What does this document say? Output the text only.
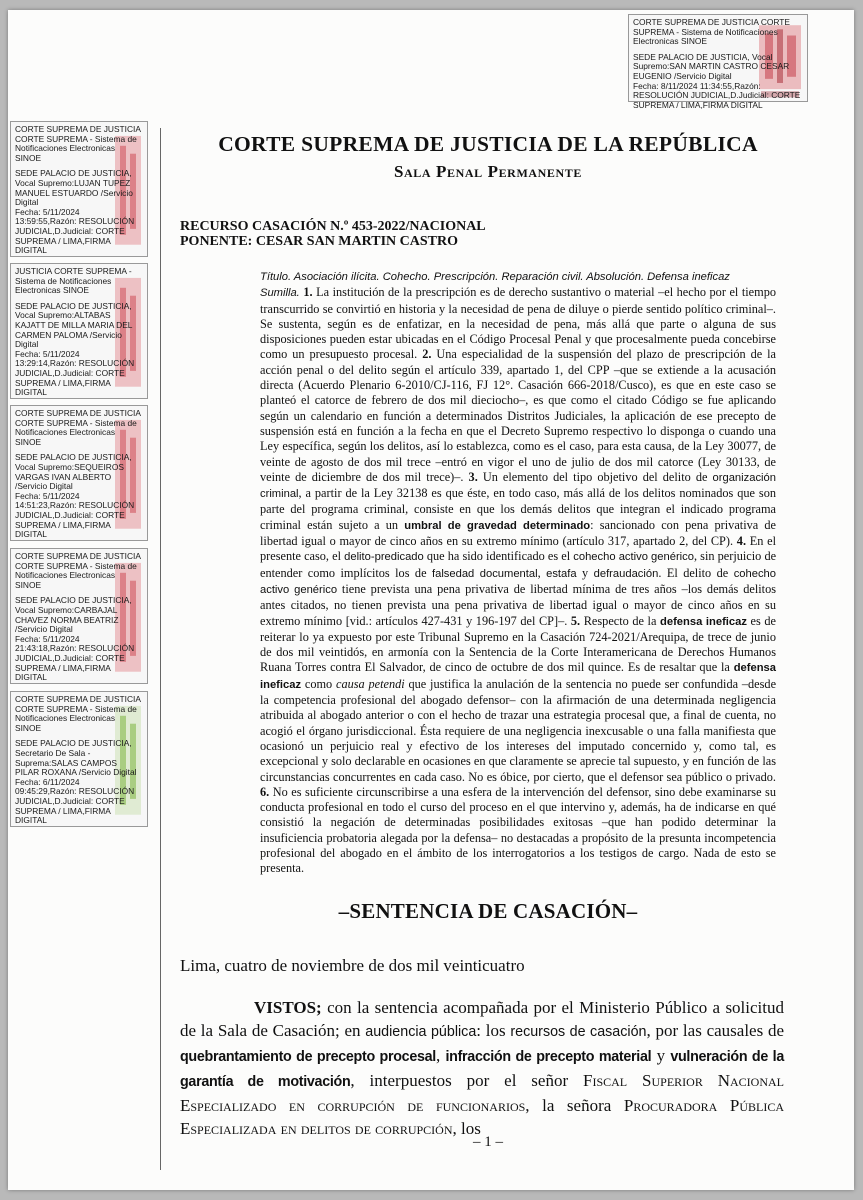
CORTE SUPREMA DE JUSTICIA CORTE SUPREMA - Sistema de Notificaciones Electronicas SINOE

SEDE PALACIO DE JUSTICIA, Vocal Supremo:SAN MARTIN CASTRO CESAR EUGENIO /Servicio Digital

Fecha: 8/11/2024 11:34:55,Razón: RESOLUCIÓN JUDICIAL,D.Judicial: CORTE SUPREMA / LIMA,FIRMA DIGITAL

CORTE SUPREMA DE JUSTICIA CORTE SUPREMA - Sistema de Notificaciones Electronicas SINOE

SEDE PALACIO DE JUSTICIA, Vocal Supremo:LUJAN TUPEZ MANUEL ESTUARDO /Servicio Digital

Fecha: 5/11/2024 13:59:55,Razón: RESOLUCIÓN JUDICIAL,D.Judicial: CORTE SUPREMA / LIMA,FIRMA DIGITAL

JUSTICIA CORTE SUPREMA - Sistema de Notificaciones Electronicas SINOE

SEDE PALACIO DE JUSTICIA, Vocal Supremo:ALTABAS KAJATT DE MILLA MARIA DEL CARMEN PALOMA /Servicio Digital

Fecha: 5/11/2024 13:29:14,Razón: RESOLUCIÓN JUDICIAL,D.Judicial: CORTE SUPREMA / LIMA,FIRMA DIGITAL

CORTE SUPREMA DE JUSTICIA CORTE SUPREMA - Sistema de Notificaciones Electronicas SINOE

SEDE PALACIO DE JUSTICIA, Vocal Supremo:SEQUEIROS VARGAS IVAN ALBERTO /Servicio Digital

Fecha: 5/11/2024 14:51:23,Razón: RESOLUCIÓN JUDICIAL,D.Judicial: CORTE SUPREMA / LIMA,FIRMA DIGITAL

CORTE SUPREMA DE JUSTICIA CORTE SUPREMA - Sistema de Notificaciones Electronicas SINOE

SEDE PALACIO DE JUSTICIA, Vocal Supremo:CARBAJAL CHAVEZ NORMA BEATRIZ /Servicio Digital

Fecha: 5/11/2024 21:43:18,Razón: RESOLUCIÓN JUDICIAL,D.Judicial: CORTE SUPREMA / LIMA,FIRMA DIGITAL

CORTE SUPREMA DE JUSTICIA CORTE SUPREMA - Sistema de Notificaciones Electronicas SINOE

SEDE PALACIO DE JUSTICIA, Secretario De Sala - Suprema:SALAS CAMPOS PILAR ROXANA /Servicio Digital

Fecha: 6/11/2024 09:45:29,Razón: RESOLUCIÓN JUDICIAL,D.Judicial: CORTE SUPREMA / LIMA,FIRMA DIGITAL

CORTE SUPREMA DE JUSTICIA DE LA REPÚBLICA
Sala Penal Permanente
RECURSO CASACIÓN N.º 453-2022/NACIONAL
PONENTE: CESAR SAN MARTIN CASTRO

Título. Asociación ilícita. Cohecho. Prescripción. Reparación civil. Absolución. Defensa ineficaz

Sumilla. 1. La institución de la prescripción es de derecho sustantivo o material –el hecho por el tiempo transcurrido se convirtió en historia y la necesidad de pena de diluye o pierde sentido político criminal–. Se sustenta, según es de enfatizar, en la necesidad de pena, más allá que parte o alguna de sus disposiciones pueden estar ubicadas en el Código Procesal Penal y que procesalmente pueda concebirse como un presupuesto procesal. 2. Una especialidad de la suspensión del plazo de prescripción de la acción penal o del delito según el artículo 339, apartado 1, del CPP –que se extiende a la acusación directa (Acuerdo Plenario 6-2010/CJ-116, FJ 12°. Casación 666-2018/Cusco), es que en este caso se planteó el catorce de febrero de dos mil dieciocho–, es que como el citado Código se fue aplicando según un calendario en función a determinados Distritos Judiciales, la aplicación de ese precepto de suspensión está en función a la fecha en que el Decreto Supremo respectivo lo disponga o cuando una Ley específica, según los delitos, así lo establezca, como es el caso, para esta causa, de la Ley 30077, de veinte de agosto de dos mil trece –entró en vigor el uno de julio de dos mil catorce (Ley 30133, de veinte de diciembre de dos mil trece)–. 3. Un elemento del tipo objetivo del delito de organización criminal, a partir de la Ley 32138 es que éste, en todo caso, más allá de los delitos nominados que son parte del programa criminal, consiste en que los demás delitos que integran el indicado programa criminal están sujeto a un umbral de gravedad determinado: sancionado con pena privativa de libertad igual o mayor de cinco años en su extremo mínimo (artículo 317, apartado 2, del CP). 4. En el presente caso, el delito-predicado que ha sido identificado es el cohecho activo genérico, sin perjuicio de entender como implícitos los de falsedad documental, estafa y defraudación. El delito de cohecho activo genérico tiene prevista una pena privativa de libertad mínima de tres años –los demás delitos antes citados, no tienen prevista una pena privativa de libertad igual o mayor de cinco años en su extremo mínimo [vid.: artículos 427-431 y 196-197 del CP]–. 5. Respecto de la defensa ineficaz es de reiterar lo ya expuesto por este Tribunal Supremo en la Casación 724-2021/Arequipa, de trece de junio de dos mil veintidós, en armonía con la Sentencia de la Corte Interamericana de Derechos Humanos Ruana Torres contra El Salvador, de cinco de octubre de dos mil quince. Es de resaltar que la defensa ineficaz como causa petendi que justifica la anulación de la sentencia no puede ser confundida –desde la competencia profesional del abogado defensor– con la afirmación de una determinada negligencia atribuida al abogado anterior o con el hecho de trazar una estrategia procesal que, a final de cuenta, no acogió el órgano jurisdiccional. Ésta requiere de una negligencia inexcusable o una falla manifiesta que ocasionó un perjuicio real y efectivo de los intereses del imputado concernido y, como tal, es excepcional y solo declarable en ocasiones en que claramente se aprecie tal supuesto, y en función de las circunstancias concurrentes en cada caso. No es óbice, por cierto, que el defensor sea público o privado. 6. No es suficiente circunscribirse a una esfera de la intervención del defensor, sino debe examinarse su conducta profesional en todo el curso del proceso en el que intervino y, además, ha de indicarse en qué consistió la negación de determinadas posibilidades exitosas –que han podido determinar la insuficiencia probatoria alegada por la defensa– no destacadas a propósito de la presunta incompetencia profesional del abogado en el ámbito de los interrogatorios a los testigos de cargo. Nada de esto se presenta.

–SENTENCIA DE CASACIÓN–
Lima, cuatro de noviembre de dos mil veinticuatro
VISTOS; con la sentencia acompañada por el Ministerio Público a solicitud de la Sala de Casación; en audiencia pública: los recursos de casación, por las causales de quebrantamiento de precepto procesal, infracción de precepto material y vulneración de la garantía de motivación, interpuestos por el señor Fiscal Superior Nacional Especializado en corrupción de funcionarios, la señora Procuradora Pública Especializada en delitos de corrupción, los
– 1 –
